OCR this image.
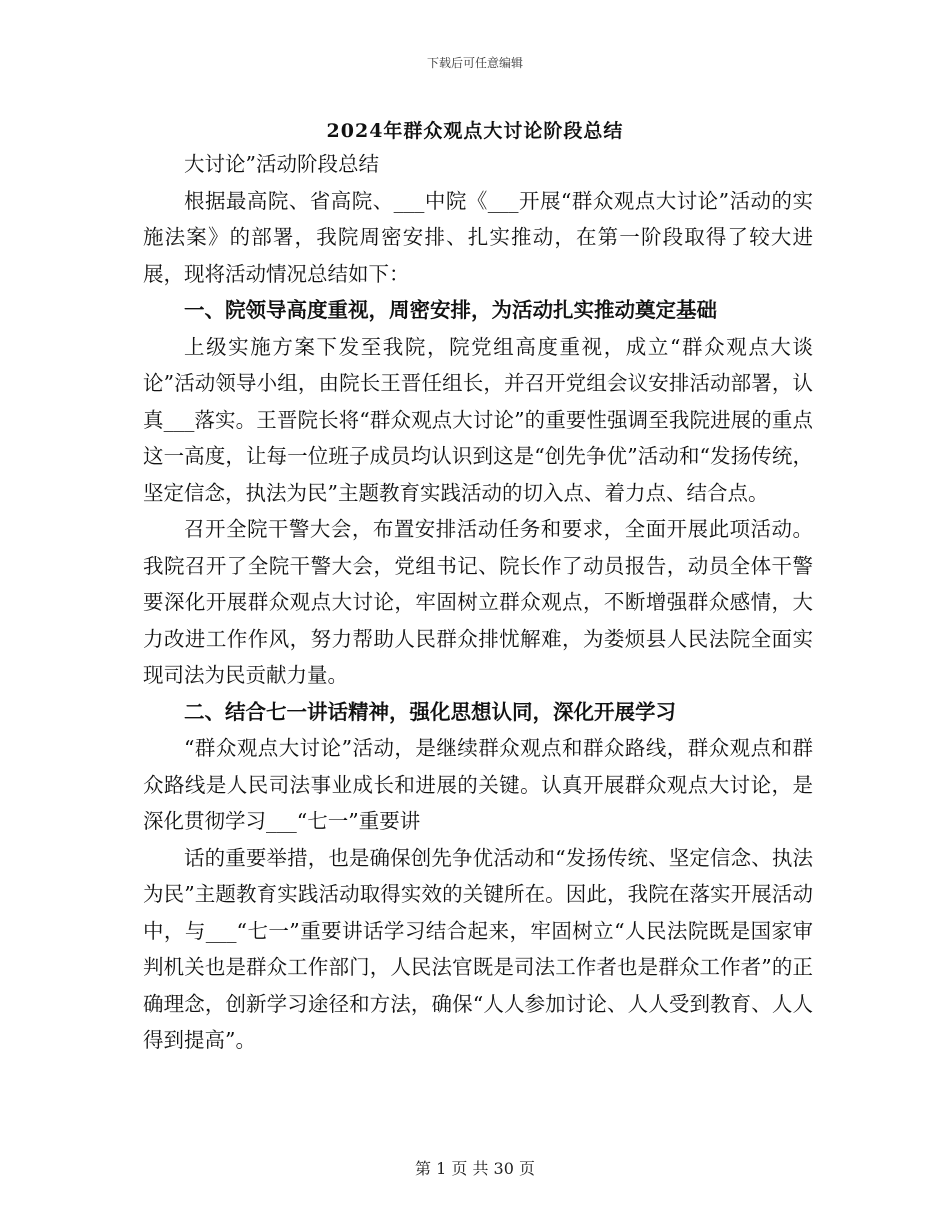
下载后可任意编辑
2024年群众观点大讨论阶段总结

大讨论”活动阶段总结

根据最高院、省高院、___中院《___开展“群众观点大讨论”活动的实施法案》的部署，我院周密安排、扎实推动，在第一阶段取得了较大进展，现将活动情况总结如下：

一、院领导高度重视，周密安排，为活动扎实推动奠定基础

上级实施方案下发至我院，院党组高度重视，成立“群众观点大谈论”活动领导小组，由院长王晋任组长，并召开党组会议安排活动部署，认真___落实。王晋院长将“群众观点大讨论”的重要性强调至我院进展的重点这一高度，让每一位班子成员均认识到这是“创先争优”活动和“发扬传统，坚定信念，执法为民”主题教育实践活动的切入点、着力点、结合点。

召开全院干警大会，布置安排活动任务和要求，全面开展此项活动。我院召开了全院干警大会，党组书记、院长作了动员报告，动员全体干警要深化开展群众观点大讨论，牢固树立群众观点，不断增强群众感情，大力改进工作作风，努力帮助人民群众排忧解难，为娄烦县人民法院全面实现司法为民贡献力量。

二、结合七一讲话精神，强化思想认同，深化开展学习

“群众观点大讨论”活动，是继续群众观点和群众路线，群众观点和群众路线是人民司法事业成长和进展的关键。认真开展群众观点大讨论，是深化贯彻学习___“七一”重要讲

话的重要举措，也是确保创先争优活动和“发扬传统、坚定信念、执法为民”主题教育实践活动取得实效的关键所在。因此，我院在落实开展活动中，与___“七一”重要讲话学习结合起来，牢固树立“人民法院既是国家审判机关也是群众工作部门，人民法官既是司法工作者也是群众工作者”的正确理念，创新学习途径和方法，确保“人人参加讨论、人人受到教育、人人得到提高”。

第 1 页 共 30 页
